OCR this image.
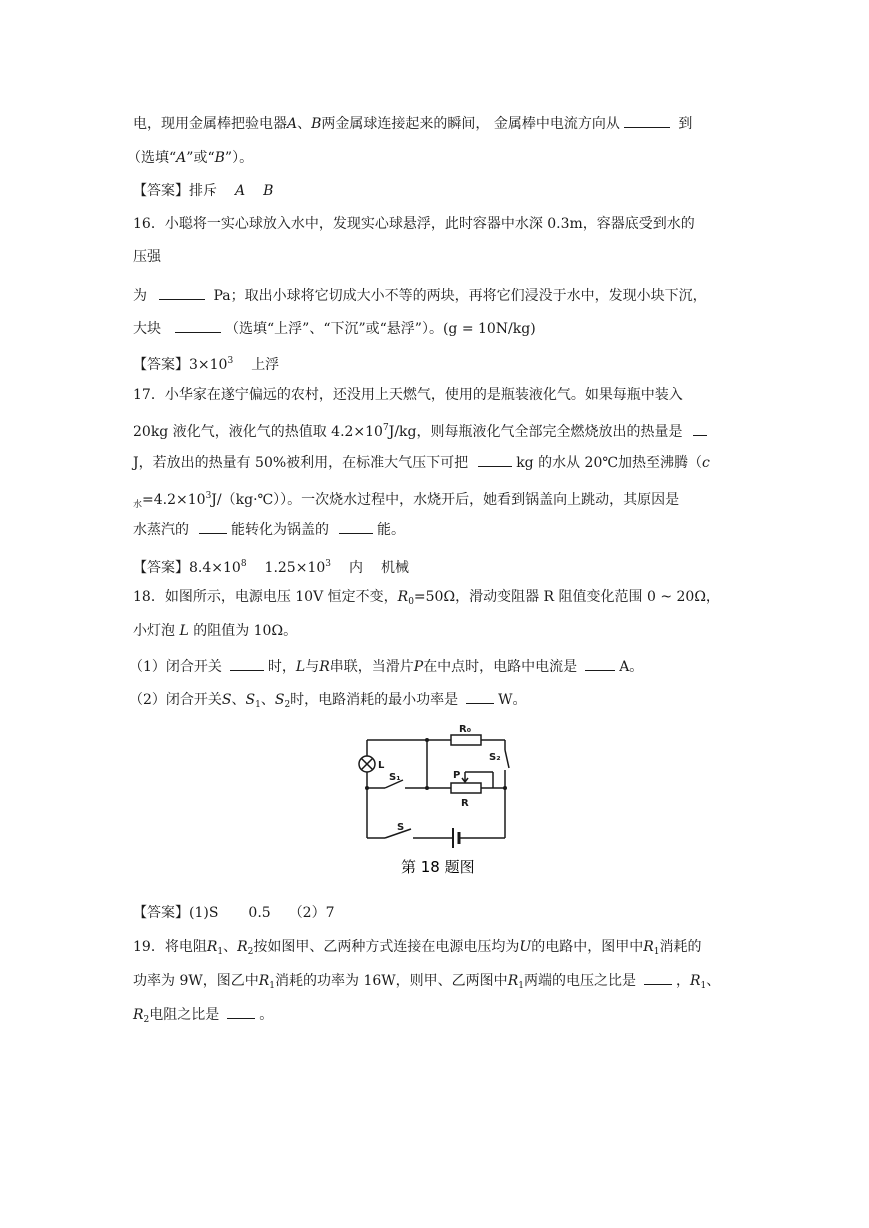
电，现用金属棒把验电器A、B两金属球连接起来的瞬间， 金属棒中电流方向从	到
（选填“A”或“B”）。
【答案】排斥 A B
16．小聪将一实心球放入水中，发现实心球悬浮，此时容器中水深 0.3m，容器底受到水的
压强
为	Pa；取出小球将它切成大小不等的两块，再将它们浸没于水中，发现小块下沉，
大块	（选填“上浮”、“下沉”或“悬浮”）。(g = 10N/kg)
【答案】$3\times 10^3$ 上浮
17．小华家在遂宁偏远的农村，还没用上天燃气，使用的是瓶装液化气。如果每瓶中装入
20kg 液化气，液化气的热值取 $4.2\times 10^7J/kg$，则每瓶液化气全部完全燃烧放出的热量是
J，若放出的热量有 50%被利用，在标准大气压下可把	kg 的水从 20℃加热至沸腾（c
$_水=4.2\times 10^3J/(kg\cdot℃)$）。一次烧水过程中，水烧开后，她看到锅盖向上跳动，其原因是
水蒸汽的	能转化为锅盖的	能。
【答案】$8.4\times 10^8$ $1.25\times 10^3$ 内 机械
18．如图所示，电源电压 10V 恒定不变，$R_0=50\Omega$，滑动变阻器 R 阻值变化范围 0 ~ 20Ω，
小灯泡 L 的阻值为 10Ω。
（1）闭合开关	时，L与R串联，当滑片P在中点时，电路中电流是	A。
（2）闭合开关S、$S_1$、$S_2$时，电路消耗的最小功率是	W。
R₀
L
S₁
S₂
P
R
S
第 18 题图
【答案】(1)S 0.5 （2）7
19．将电阻$R_1$、$R_2$按如图甲、乙两种方式连接在电源电压均为U的电路中，图甲中$R_1$消耗的
功率为 9W，图乙中$R_1$消耗的功率为 16W，则甲、乙两图中$R_1$两端的电压之比是	，$R_1$、
$R_2$电阻之比是	。
